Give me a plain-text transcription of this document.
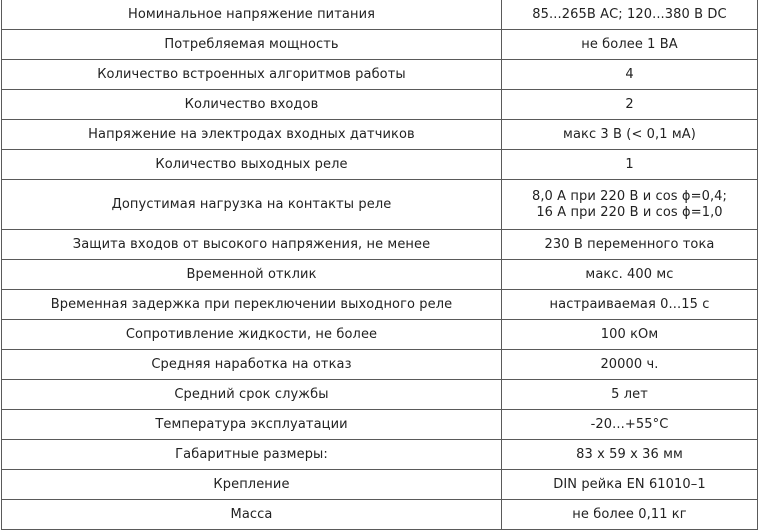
Номинальное напряжение питания	85...265В АС; 120...380 В DC
Потребляемая мощность	не более 1 ВА
Количество встроенных алгоритмов работы	4
Количество входов	2
Напряжение на электродах входных датчиков	макс 3 В (< 0,1 мА)
Количество выходных реле	1
Допустимая нагрузка на контакты реле	8,0 А при 220 В и cos ϕ=0,4;
16 А при 220 В и cos ϕ=1,0

Защита входов от высокого напряжения, не менее	230 В переменного тока
Временной отклик	макс. 400 мс
Временная задержка при переключении выходного реле	настраиваемая 0...15 с
Сопротивление жидкости, не более	100 кОм
Средняя наработка на отказ	20000 ч.
Средний срок службы	5 лет
Температура эксплуатации	-20...+55°С
Габаритные размеры:	83 х 59 х 36 мм
Крепление	DIN рейка EN 61010–1
Масса	не более 0,11 кг
